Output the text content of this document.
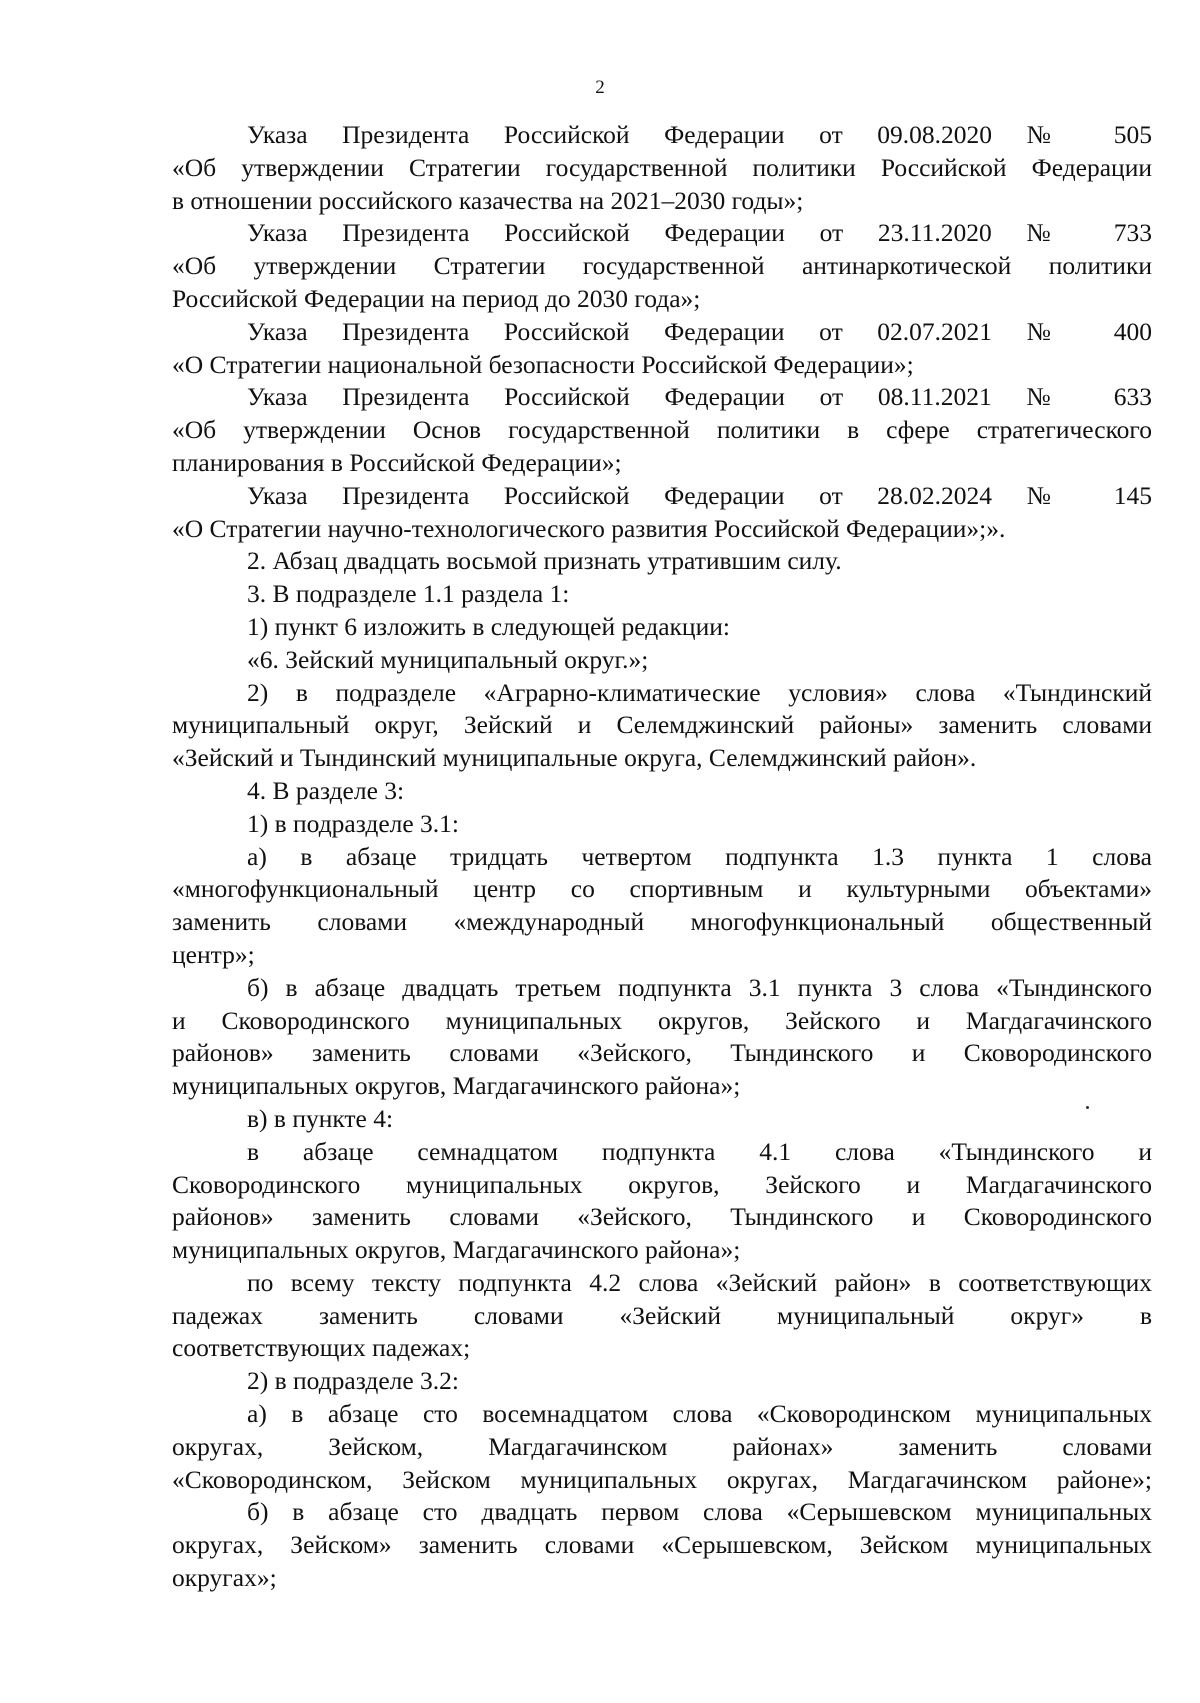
2
Указа Президента Российской Федерации от 09.08.2020 № 505
«Об утверждении Стратегии государственной политики Российской Федерации
в отношении российского казачества на 2021–2030 годы»;
Указа Президента Российской Федерации от 23.11.2020 № 733
«Об утверждении Стратегии государственной антинаркотической политики
Российской Федерации на период до 2030 года»;
Указа Президента Российской Федерации от 02.07.2021 № 400
«О Стратегии национальной безопасности Российской Федерации»;
Указа Президента Российской Федерации от 08.11.2021 № 633
«Об утверждении Основ государственной политики в сфере стратегического
планирования в Российской Федерации»;
Указа Президента Российской Федерации от 28.02.2024 № 145
«О Стратегии научно-технологического развития Российской Федерации»;».
2. Абзац двадцать восьмой признать утратившим силу.
3. В подразделе 1.1 раздела 1:
1) пункт 6 изложить в следующей редакции:
«6. Зейский муниципальный округ.»;
2) в подразделе «Аграрно-климатические условия» слова «Тындинский
муниципальный округ, Зейский и Селемджинский районы» заменить словами
«Зейский и Тындинский муниципальные округа, Селемджинский район».
4. В разделе 3:
1) в подразделе 3.1:
а) в абзаце тридцать четвертом подпункта 1.3 пункта 1 слова
«многофункциональный центр со спортивным и культурными объектами»
заменить словами «международный многофункциональный общественный
центр»;
б) в абзаце двадцать третьем подпункта 3.1 пункта 3 слова «Тындинского
и Сковородинского муниципальных округов, Зейского и Магдагачинского
районов» заменить словами «Зейского, Тындинского и Сковородинского
муниципальных округов, Магдагачинского района»;
в) в пункте 4:
в абзаце семнадцатом подпункта 4.1 слова «Тындинского и
Сковородинского муниципальных округов, Зейского и Магдагачинского
районов» заменить словами «Зейского, Тындинского и Сковородинского
муниципальных округов, Магдагачинского района»;
по всему тексту подпункта 4.2 слова «Зейский район» в соответствующих
падежах заменить словами «Зейский муниципальный округ» в
соответствующих падежах;
2) в подразделе 3.2:
а) в абзаце сто восемнадцатом слова «Сковородинском муниципальных
округах, Зейском, Магдагачинском районах» заменить словами
«Сковородинском, Зейском муниципальных округах, Магдагачинском районе»;
б) в абзаце сто двадцать первом слова «Серышевском муниципальных
округах, Зейском» заменить словами «Серышевском, Зейском муниципальных
округах»;
